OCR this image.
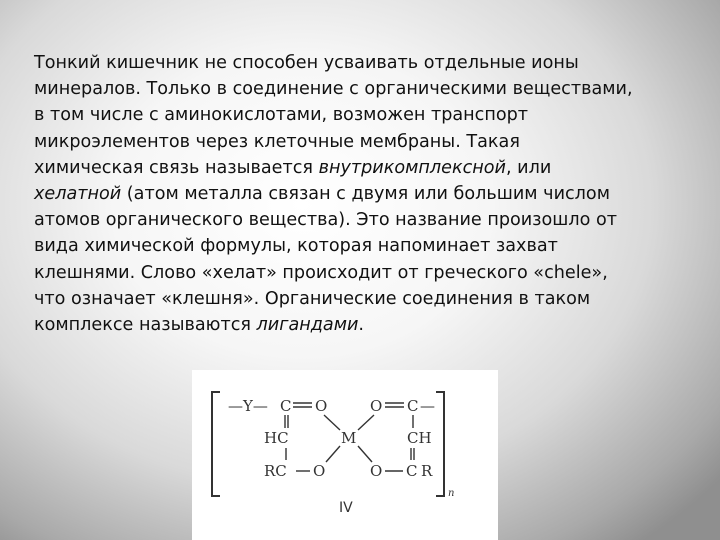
Тонкий кишечник не способен усваивать отдельные ионы
минералов. Только в соединение с органическими веществами,
в том числе с аминокислотами, возможен транспорт
микроэлементов через клеточные мембраны. Такая
химическая связь называется внутрикомплексной, или
хелатной (атом металла связан с двумя или большим числом
атомов органического вещества). Это название произошло от
вида химической формулы, которая напоминает захват
клешнями. Слово «хелат» происходит от греческого «chele»,
что означает «клешня». Органические соединения в таком
комплексе называются лигандами.

—Y— C O	O C —
HC	M	CH
RC O	O C R
n
IV
